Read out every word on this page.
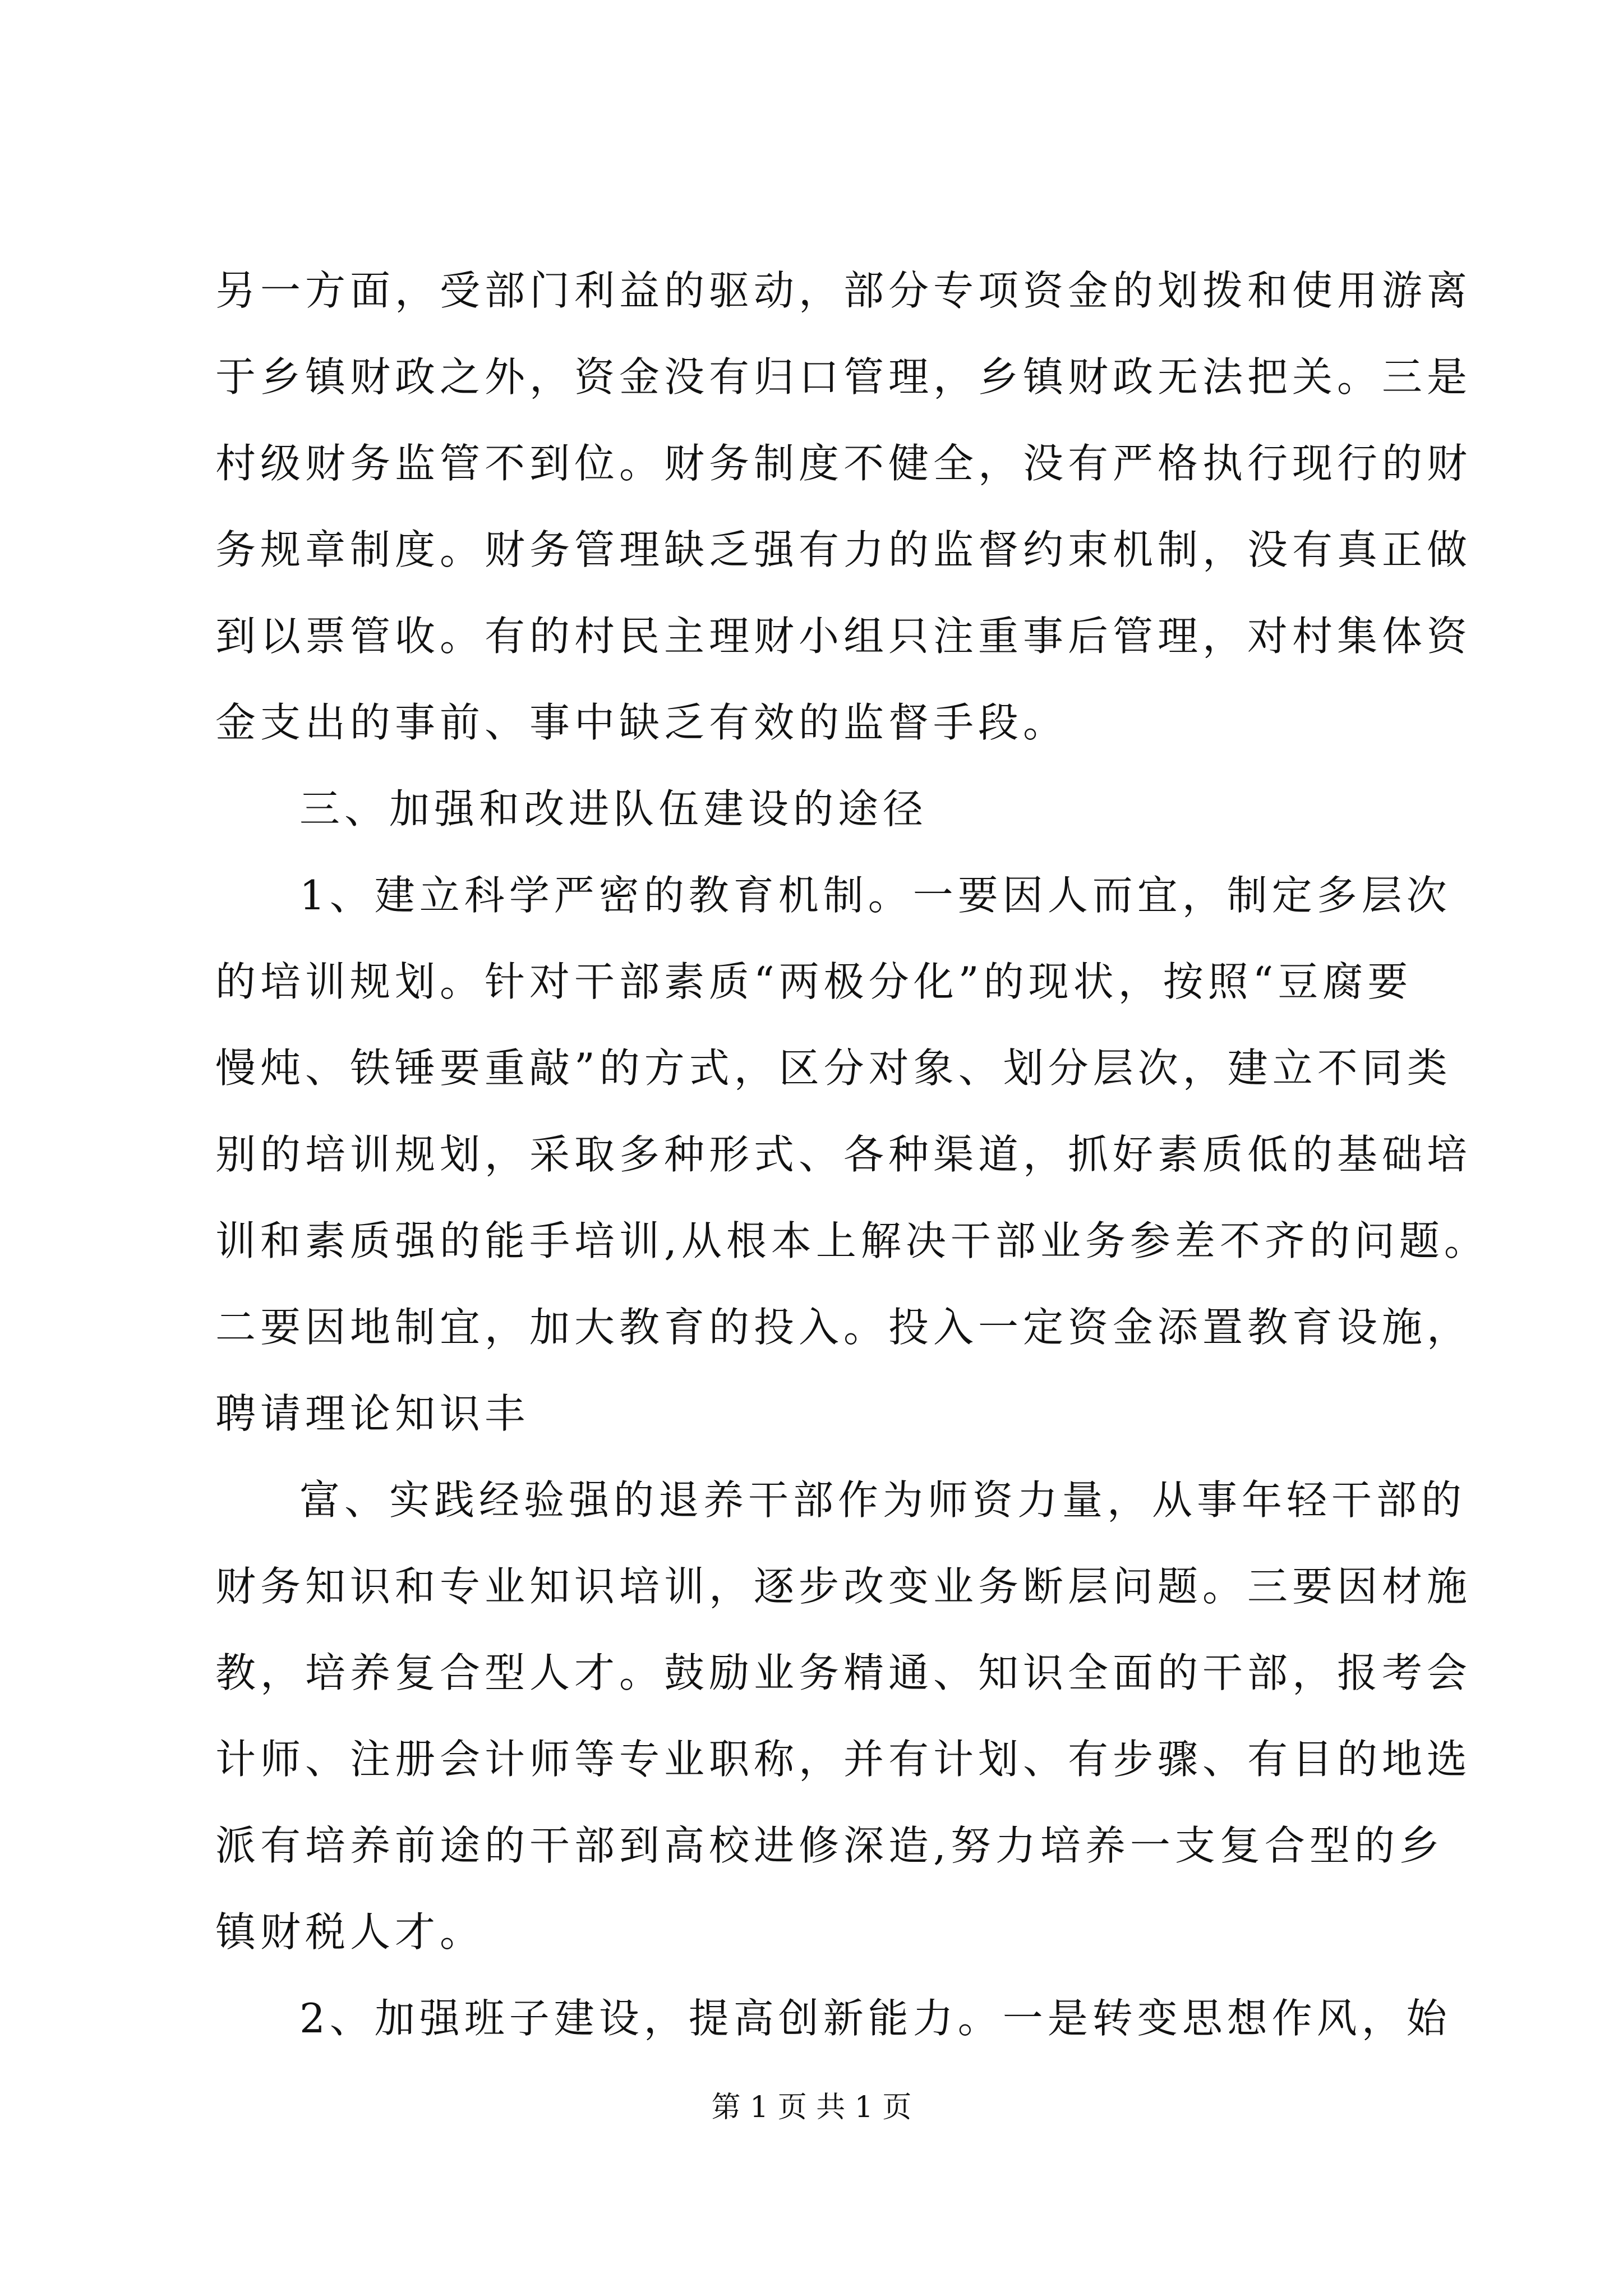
另一方面，受部门利益的驱动，部分专项资金的划拨和使用游离
于乡镇财政之外，资金没有归口管理，乡镇财政无法把关。三是
村级财务监管不到位。财务制度不健全，没有严格执行现行的财
务规章制度。财务管理缺乏强有力的监督约束机制，没有真正做
到以票管收。有的村民主理财小组只注重事后管理，对村集体资
金支出的事前、事中缺乏有效的监督手段。
三、加强和改进队伍建设的途径
1、建立科学严密的教育机制。一要因人而宜，制定多层次
的培训规划。针对干部素质“两极分化”的现状，按照“豆腐要
慢炖、铁锤要重敲”的方式，区分对象、划分层次，建立不同类
别的培训规划，采取多种形式、各种渠道，抓好素质低的基础培
训和素质强的能手培训,从根本上解决干部业务参差不齐的问题。
二要因地制宜，加大教育的投入。投入一定资金添置教育设施，
聘请理论知识丰
富、实践经验强的退养干部作为师资力量，从事年轻干部的
财务知识和专业知识培训，逐步改变业务断层问题。三要因材施
教，培养复合型人才。鼓励业务精通、知识全面的干部，报考会
计师、注册会计师等专业职称，并有计划、有步骤、有目的地选
派有培养前途的干部到高校进修深造,努力培养一支复合型的乡
镇财税人才。
2、加强班子建设，提高创新能力。一是转变思想作风，始
第 1 页 共 1 页
